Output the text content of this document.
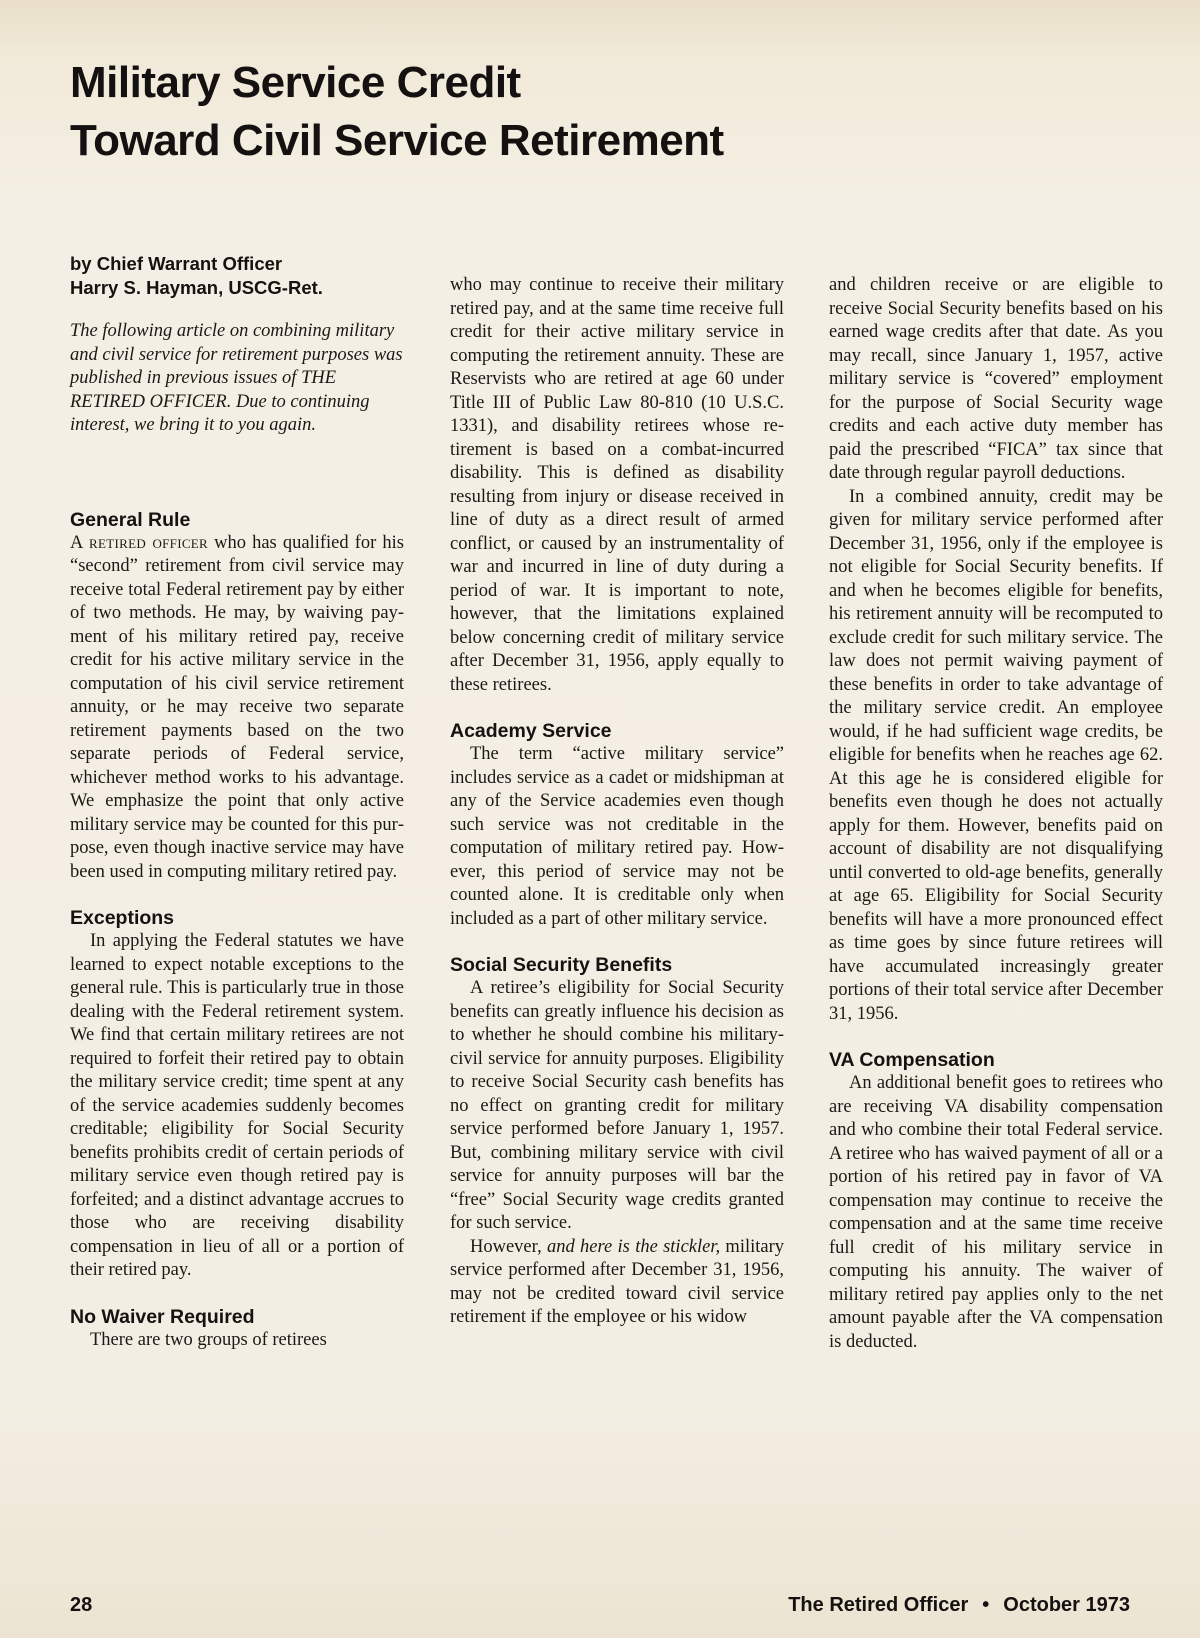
Military Service Credit
Toward Civil Service Retirement
by Chief Warrant Officer
Harry S. Hayman, USCG-Ret.

The following article on combining military and civil service for retirement purposes was published in previous issues of THE RETIRED OFFICER. Due to continuing interest, we bring it to you again.

General Rule

A retired officer who has qualified for his “second” retirement from civil service may receive total Federal retirement pay by either of two methods. He may, by waiving payment of his military retired pay, receive credit for his active military service in the computation of his civil service retirement annuity, or he may receive two separate retirement payments based on the two separate periods of Federal service, whichever method works to his advantage. We emphasize the point that only active military service may be counted for this purpose, even though inactive service may have been used in computing military retired pay.

Exceptions

In applying the Federal statutes we have learned to expect notable exceptions to the general rule. This is particularly true in those dealing with the Federal retirement system. We find that certain military retirees are not required to forfeit their retired pay to obtain the military service credit; time spent at any of the service academies suddenly becomes creditable; eligibility for Social Security benefits prohibits credit of certain periods of military service even though retired pay is forfeited; and a distinct advantage accrues to those who are receiving disability compensation in lieu of all or a portion of their retired pay.

No Waiver Required

There are two groups of retirees

who may continue to receive their military retired pay, and at the same time receive full credit for their active military service in computing the retirement annuity. These are Reservists who are retired at age 60 under Title III of Public Law 80-810 (10 U.S.C. 1331), and disability retirees whose retirement is based on a combat-incurred disability. This is defined as disability resulting from injury or disease received in line of duty as a direct result of armed conflict, or caused by an instrumentality of war and incurred in line of duty during a period of war. It is important to note, however, that the limitations explained below concerning credit of military service after December 31, 1956, apply equally to these retirees.

Academy Service

The term “active military service” includes service as a cadet or midshipman at any of the Service academies even though such service was not creditable in the computation of military retired pay. However, this period of service may not be counted alone. It is creditable only when included as a part of other military service.

Social Security Benefits

A retiree’s eligibility for Social Security benefits can greatly influence his decision as to whether he should combine his military-civil service for annuity purposes. Eligibility to receive Social Security cash benefits has no effect on granting credit for military service performed before January 1, 1957. But, combining military service with civil service for annuity purposes will bar the “free” Social Security wage credits granted for such service.

However, and here is the stickler, military service performed after December 31, 1956, may not be credited toward civil service retirement if the employee or his widow

and children receive or are eligible to receive Social Security benefits based on his earned wage credits after that date. As you may recall, since January 1, 1957, active military service is “covered” employment for the purpose of Social Security wage credits and each active duty member has paid the prescribed “FICA” tax since that date through regular payroll deductions.

In a combined annuity, credit may be given for military service performed after December 31, 1956, only if the employee is not eligible for Social Security benefits. If and when he becomes eligible for benefits, his retirement annuity will be recomputed to exclude credit for such military service. The law does not permit waiving payment of these benefits in order to take advantage of the military service credit. An employee would, if he had sufficient wage credits, be eligible for benefits when he reaches age 62. At this age he is considered eligible for benefits even though he does not actually apply for them. However, benefits paid on account of disability are not disqualifying until converted to old-age benefits, generally at age 65. Eligibility for Social Security benefits will have a more pronounced effect as time goes by since future retirees will have accumulated increasingly greater portions of their total service after December 31, 1956.

VA Compensation

An additional benefit goes to retirees who are receiving VA disability compensation and who combine their total Federal service. A retiree who has waived payment of all or a portion of his retired pay in favor of VA compensation may continue to receive the compensation and at the same time receive full credit of his military service in computing his annuity. The waiver of military retired pay applies only to the net amount payable after the VA compensation is deducted.

28	The Retired Officer • October 1973
